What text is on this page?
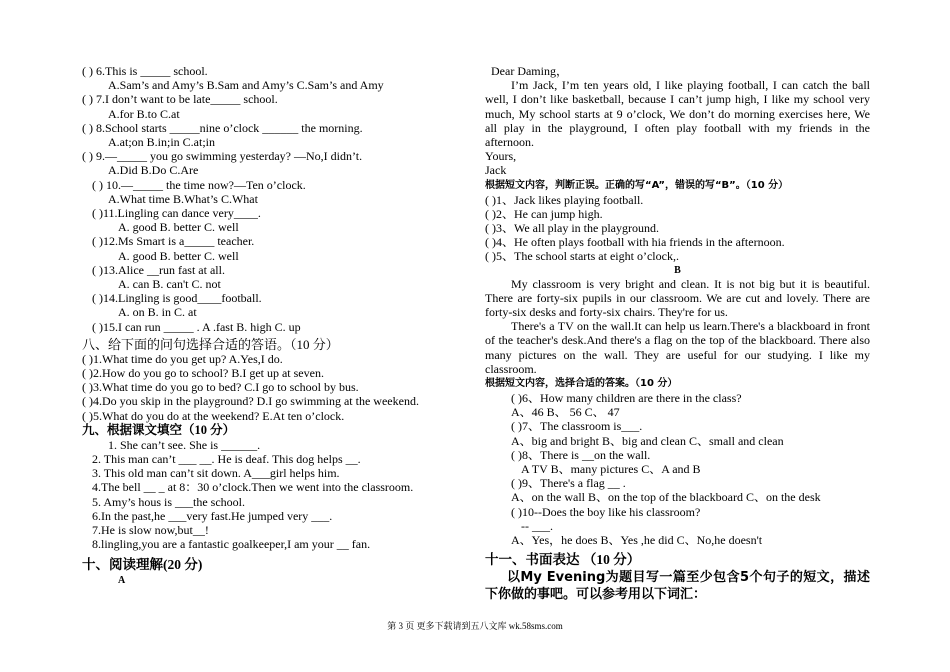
( ) 6.This is _____ school.
A.Sam’s and Amy’s B.Sam and Amy’s C.Sam’s and Amy
( ) 7.I don’t want to be late_____ school.
A.for B.to C.at
( ) 8.School starts _____nine o’clock ______ the morning.
A.at;on B.in;in C.at;in
( ) 9.—_____ you go swimming yesterday? —No,I didn’t.
A.Did B.Do C.Are
( ) 10.—_____ the time now?—Ten o’clock.
A.What time B.What’s C.What
( )11.Lingling can dance very____.
A. good B. better C. well
( )12.Ms Smart is a_____ teacher.
A. good B. better C. well
( )13.Alice __run fast at all.
A. can B. can't C. not
( )14.Lingling is good____football.
A. on B. in C. at
( )15.I can run _____ . A .fast B. high C. up
八、给下面的问句选择合适的答语。（10 分）
( )1.What time do you get up? A.Yes,I do.
( )2.How do you go to school? B.I get up at seven.
( )3.What time do you go to bed? C.I go to school by bus.
( )4.Do you skip in the playground? D.I go swimming at the weekend.
( )5.What do you do at the weekend? E.At ten o’clock.
九、根据课文填空（10 分）
1. She can’t see. She is ______.
2. This man can’t ___ __. He is deaf. This dog helps __.
3. This old man can’t sit down. A___girl helps him.
4.The bell __ _ at 8：30 o’clock.Then we went into the classroom.
5. Amy’s hous is ___the school.
6.In the past,he ___very fast.He jumped very ___.
7.He is slow now,but__!
8.lingling,you are a fantastic goalkeeper,I am your __ fan.
十、阅读理解(20 分)
A
Dear Daming，
I’m Jack, I’m ten years old, I like playing football, I can catch the ball well, I don’t like basketball, because I can’t jump high, I like my school very much, My school starts at 9 o’clock, We don’t do morning exercises here, We all play in the playground, I often play football with my friends in the afternoon.
Yours,
Jack
根据短文内容，判断正误。正确的写“A”，错误的写“B”。（10 分）
( )1、Jack likes playing football.
( )2、He can jump high.
( )3、We all play in the playground.
( )4、He often plays football with hia friends in the afternoon.
( )5、The school starts at eight o’clock,.
B
My classroom is very bright and clean. It is not big but it is beautiful. There are forty-six pupils in our classroom. We are cut and lovely. There are forty-six desks and forty-six chairs. They're for us.
There's a TV on the wall.It can help us learn.There's a blackboard in front of the teacher's desk.And there's a flag on the top of the blackboard. There also many pictures on the wall. They are useful for our studying. I like my classroom.
根据短文内容，选择合适的答案。（10 分）
( )6、How many children are there in the class?
A、46 B、 56 C、 47
( )7、The classroom is___.
A、big and bright B、big and clean C、small and clean
( )8、There is __on the wall.
A TV B、many pictures C、A and B
( )9、There's a flag __ .
A、on the wall B、on the top of the blackboard C、on the desk
( )10--Does the boy like his classroom?
-- ___.
A、Yes，he does B、Yes ,he did C、No,he doesn't
十一、书面表达 （10 分）
以My Evening为题目写一篇至少包含5个句子的短文，描述下你做的事吧。可以参考用以下词汇：
第 3 页 更多下载请到五八文库 wk.58sms.com
